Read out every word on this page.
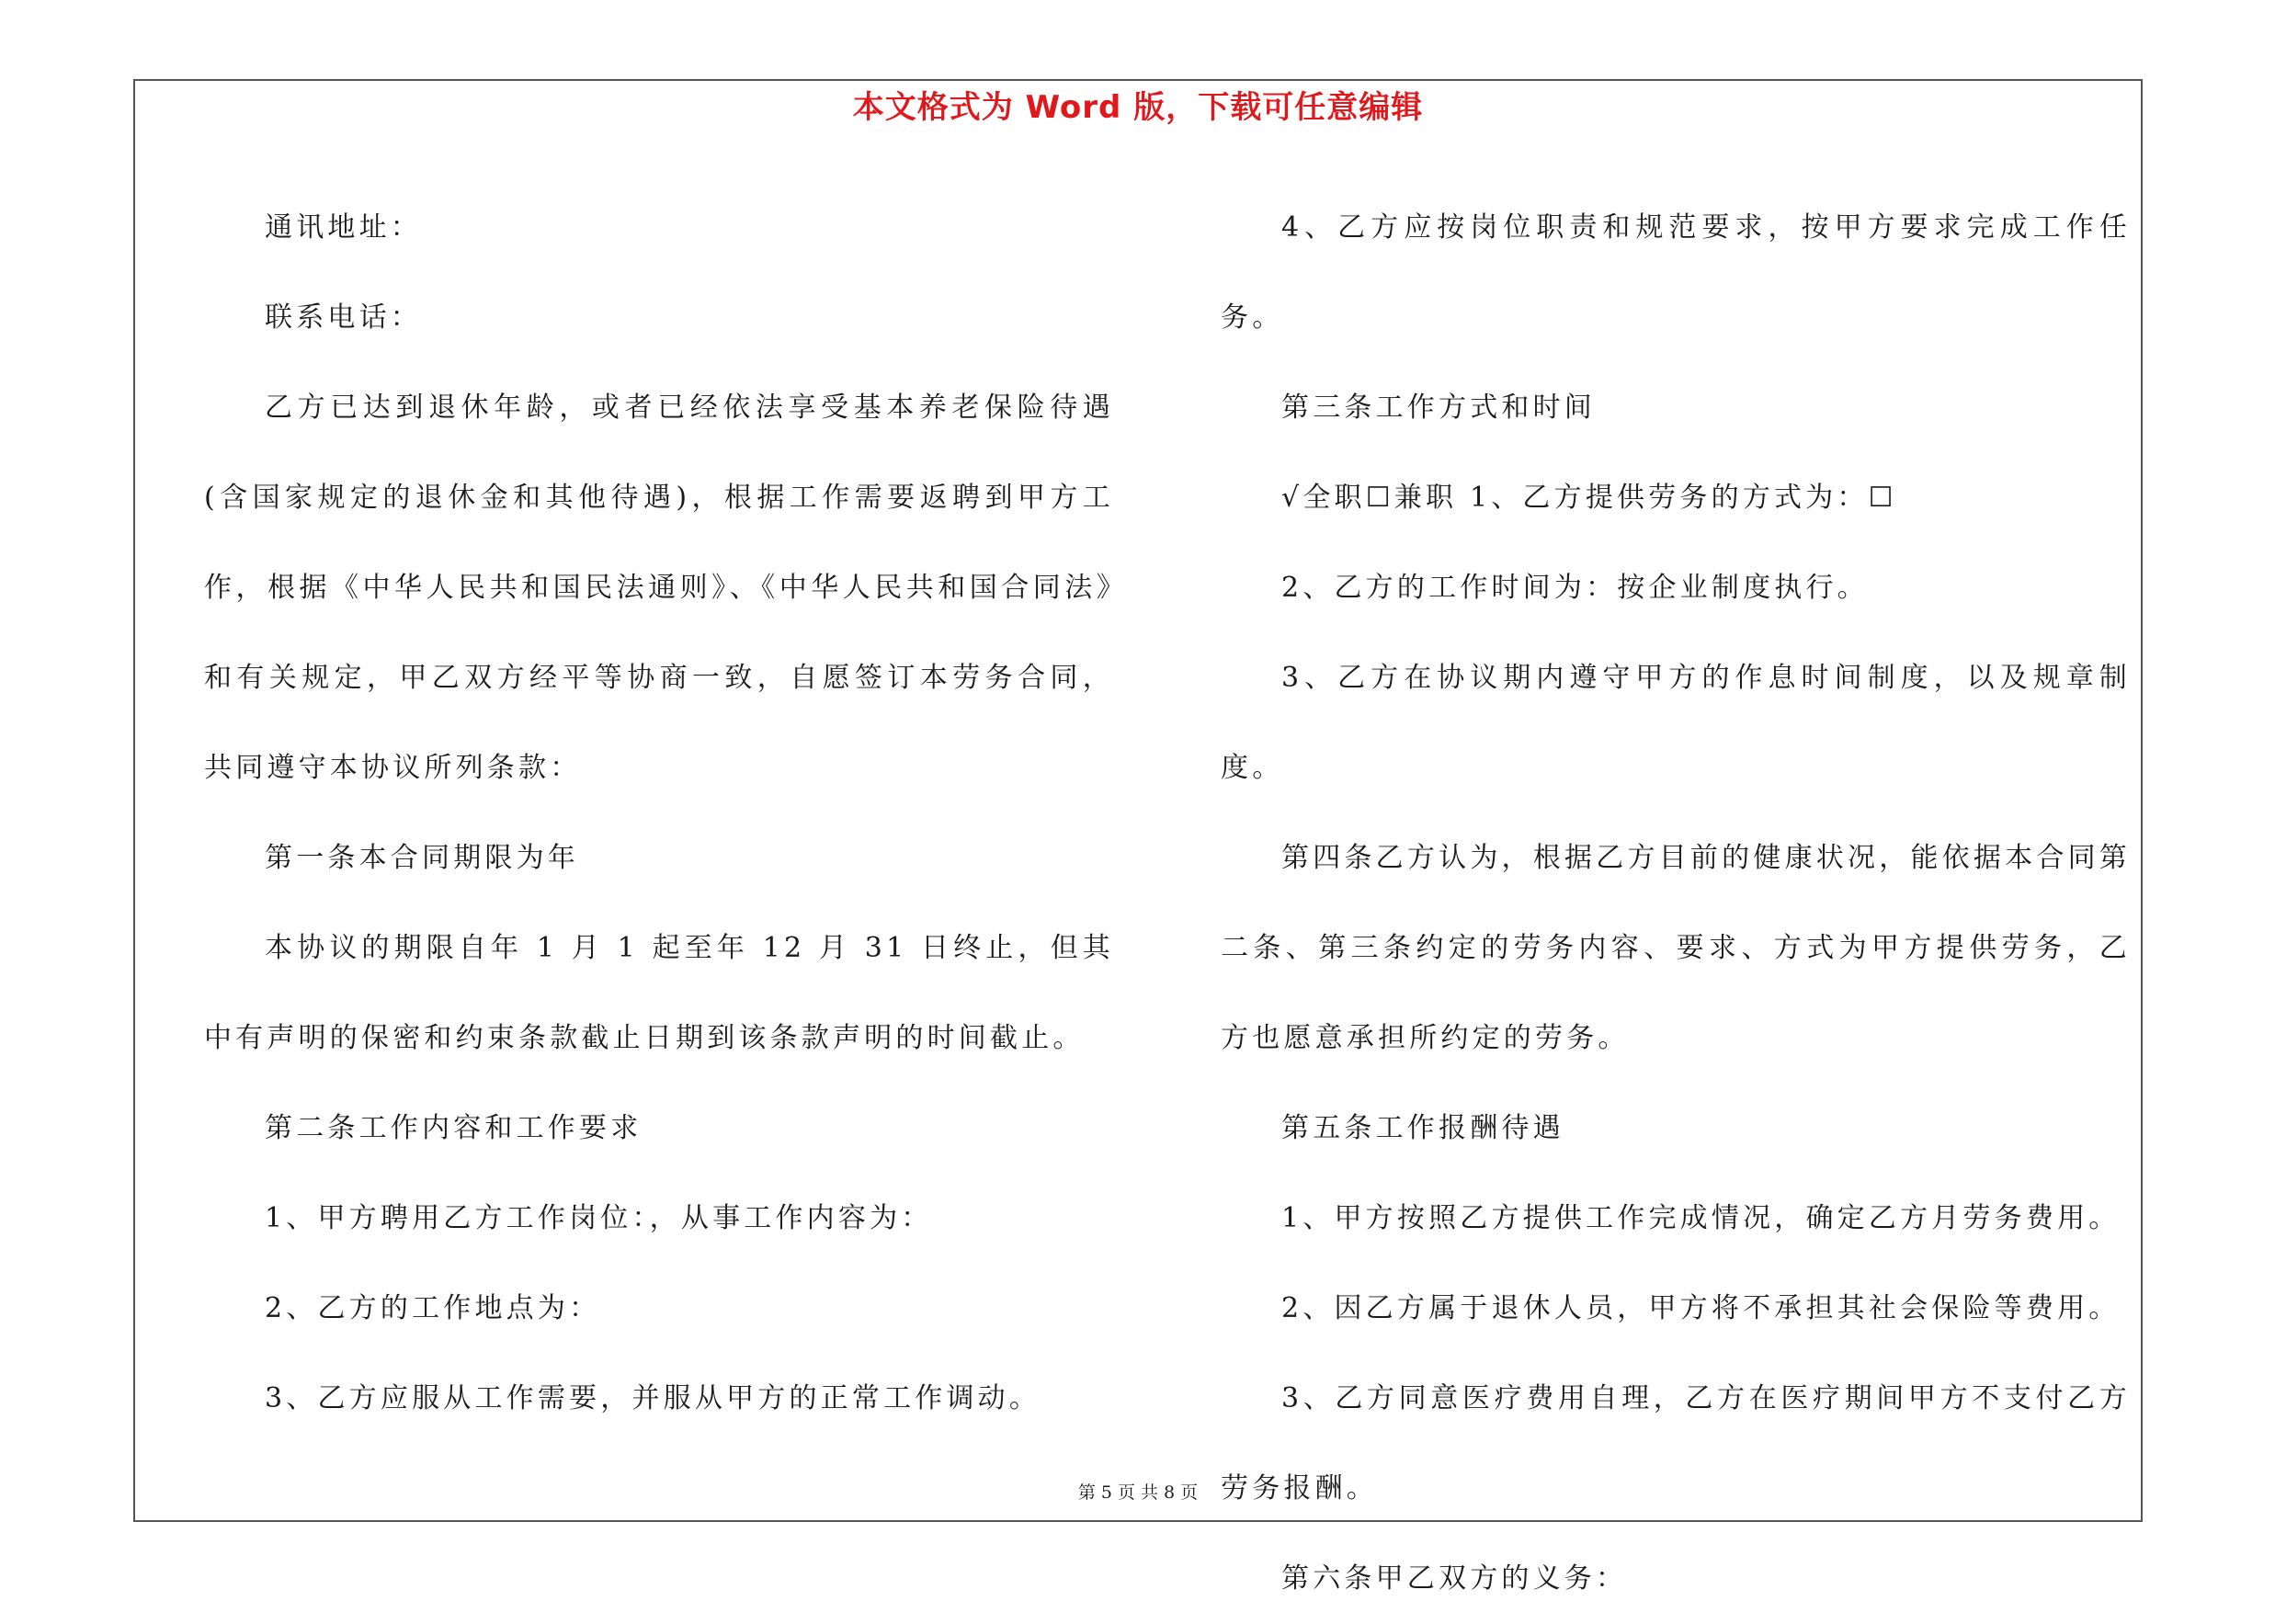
本文格式为 Word 版，下载可任意编辑

通讯地址：

联系电话：

乙方已达到退休年龄，或者已经依法享受基本养老保险待遇(含国家规定的退休金和其他待遇)，根据工作需要返聘到甲方工作，根据《中华人民共和国民法通则》、《中华人民共和国合同法》和有关规定，甲乙双方经平等协商一致，自愿签订本劳务合同，共同遵守本协议所列条款：

第一条本合同期限为年

本协议的期限自年 1 月 1 起至年 12 月 31 日终止，但其中有声明的保密和约束条款截止日期到该条款声明的时间截止。

第二条工作内容和工作要求

1、甲方聘用乙方工作岗位：，从事工作内容为：

2、乙方的工作地点为：

3、乙方应服从工作需要，并服从甲方的正常工作调动。

4、乙方应按岗位职责和规范要求，按甲方要求完成工作任务。

第三条工作方式和时间

√全职☐兼职 1、乙方提供劳务的方式为：☐

2、乙方的工作时间为：按企业制度执行。

3、乙方在协议期内遵守甲方的作息时间制度，以及规章制度。

第四条乙方认为，根据乙方目前的健康状况，能依据本合同第二条、第三条约定的劳务内容、要求、方式为甲方提供劳务，乙方也愿意承担所约定的劳务。

第五条工作报酬待遇

1、甲方按照乙方提供工作完成情况，确定乙方月劳务费用。

2、因乙方属于退休人员，甲方将不承担其社会保险等费用。

3、乙方同意医疗费用自理，乙方在医疗期间甲方不支付乙方劳务报酬。

第六条甲乙双方的义务：

第 5 页 共 8 页
